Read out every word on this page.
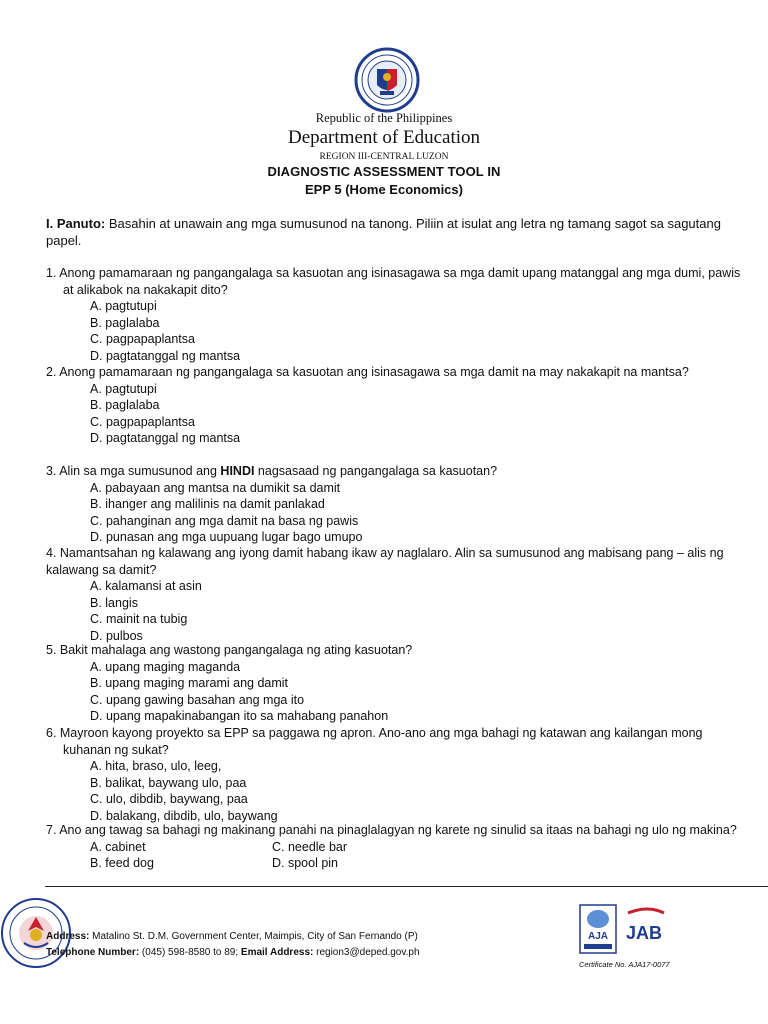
Republic of the Philippines
Department of Education
REGION III-CENTRAL LUZON
DIAGNOSTIC ASSESSMENT TOOL IN
EPP 5 (Home Economics)
I. Panuto: Basahin at unawain ang mga sumusunod na tanong. Piliin at isulat ang letra ng tamang sagot sa sagutang papel.
1. Anong pamamaraan ng pangangalaga sa kasuotan ang isinasagawa sa mga damit upang matanggal ang mga dumi, pawis at alikabok na nakakapit dito?
A. pagtutupi
B. paglalaba
C. pagpapaplantsa
D. pagtatanggal ng mantsa
2. Anong pamamaraan ng pangangalaga sa kasuotan ang isinasagawa sa mga damit na may nakakapit na mantsa?
A. pagtutupi
B. paglalaba
C. pagpapaplantsa
D. pagtatanggal ng mantsa
3. Alin sa mga sumusunod ang HINDI nagsasaad ng pangangalaga sa kasuotan?
A. pabayaan ang mantsa na dumikit sa damit
B. ihanger ang malilinis na damit panlakad
C. pahanginan ang mga damit na basa ng pawis
D. punasan ang mga uupuang lugar bago umupo
4. Namantsahan ng kalawang ang iyong damit habang ikaw ay naglalaro. Alin sa sumusunod ang mabisang pang – alis ng kalawang sa damit?
A. kalamansi at asin
B. langis
C. mainit na tubig
D. pulbos
5. Bakit mahalaga ang wastong pangangalaga ng ating kasuotan?
A. upang maging maganda
B. upang maging marami ang damit
C. upang gawing basahan ang mga ito
D. upang mapakinabangan ito sa mahabang panahon
6. Mayroon kayong proyekto sa EPP sa paggawa ng apron. Ano-ano ang mga bahagi ng katawan ang kailangan mong kuhanan ng sukat?
A. hita, braso, ulo, leeg,
B. balikat, baywang ulo, paa
C. ulo, dibdib, baywang, paa
D. balakang, dibdib, ulo, baywang
7. Ano ang tawag sa bahagi ng makinang panahi na pinaglalagyan ng karete ng sinulid sa itaas na bahagi ng ulo ng makina?
A. cabinet	C. needle bar
B. feed dog	D. spool pin
Address: Matalino St. D.M. Government Center, Maimpis, City of San Fernando (P)
Telephone Number: (045) 598-8580 to 89; Email Address: region3@deped.gov.ph
AJA JAB
Certificate No. AJA17-0077
